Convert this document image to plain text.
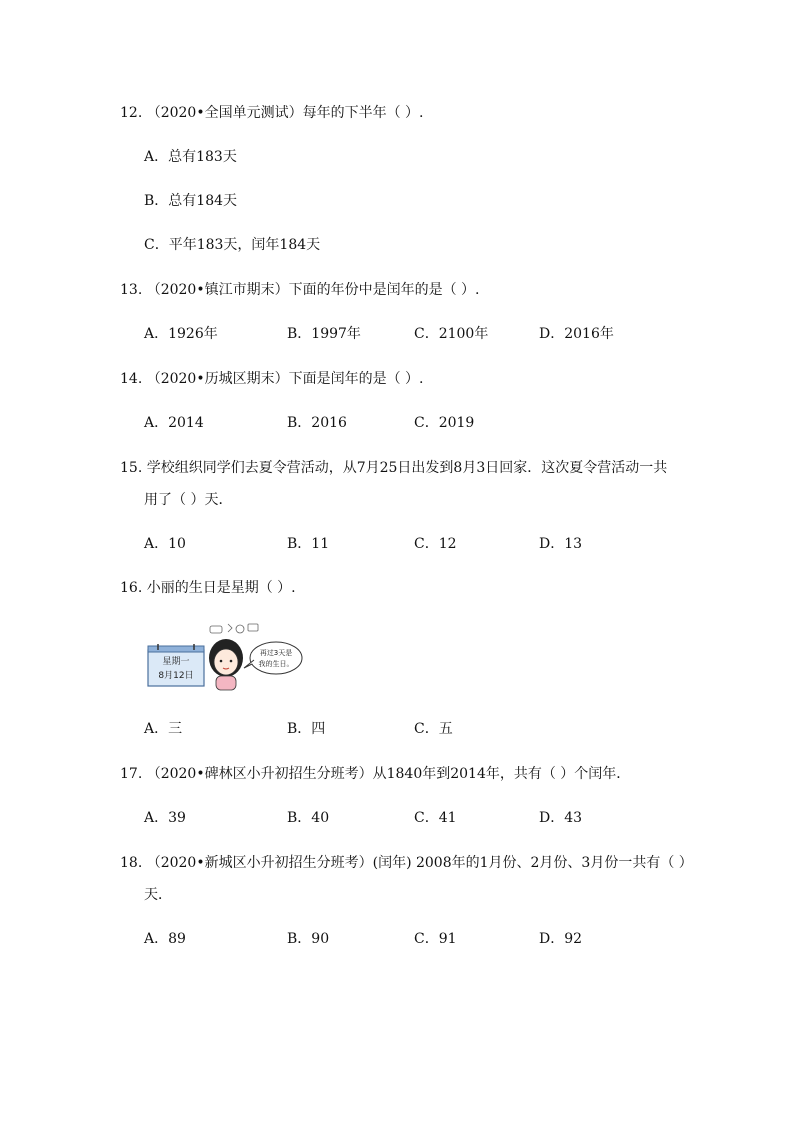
12. （2020•全国单元测试）每年的下半年（ ）.
A．总有183天
B．总有184天
C．平年183天，闰年184天
13. （2020•镇江市期末）下面的年份中是闰年的是（ ）.
A．1926年	B．1997年	C．2100年	D．2016年
14. （2020•历城区期末）下面是闰年的是（ ）.
A．2014	B．2016	C．2019
15. 学校组织同学们去夏令营活动，从7月25日出发到8月3日回家．这次夏令营活动一共
用了（ ）天．
A．10	B．11	C．12	D．13
16. 小丽的生日是星期（ ）.
星期一
8月12日
再过3天是
我的生日。
A．三	B．四	C．五
17. （2020•碑林区小升初招生分班考）从1840年到2014年，共有（ ）个闰年．
A．39	B．40	C．41	D．43
18. （2020•新城区小升初招生分班考）(闰年) 2008年的1月份、2月份、3月份一共有（ ）
天．
A．89	B．90	C．91	D．92
